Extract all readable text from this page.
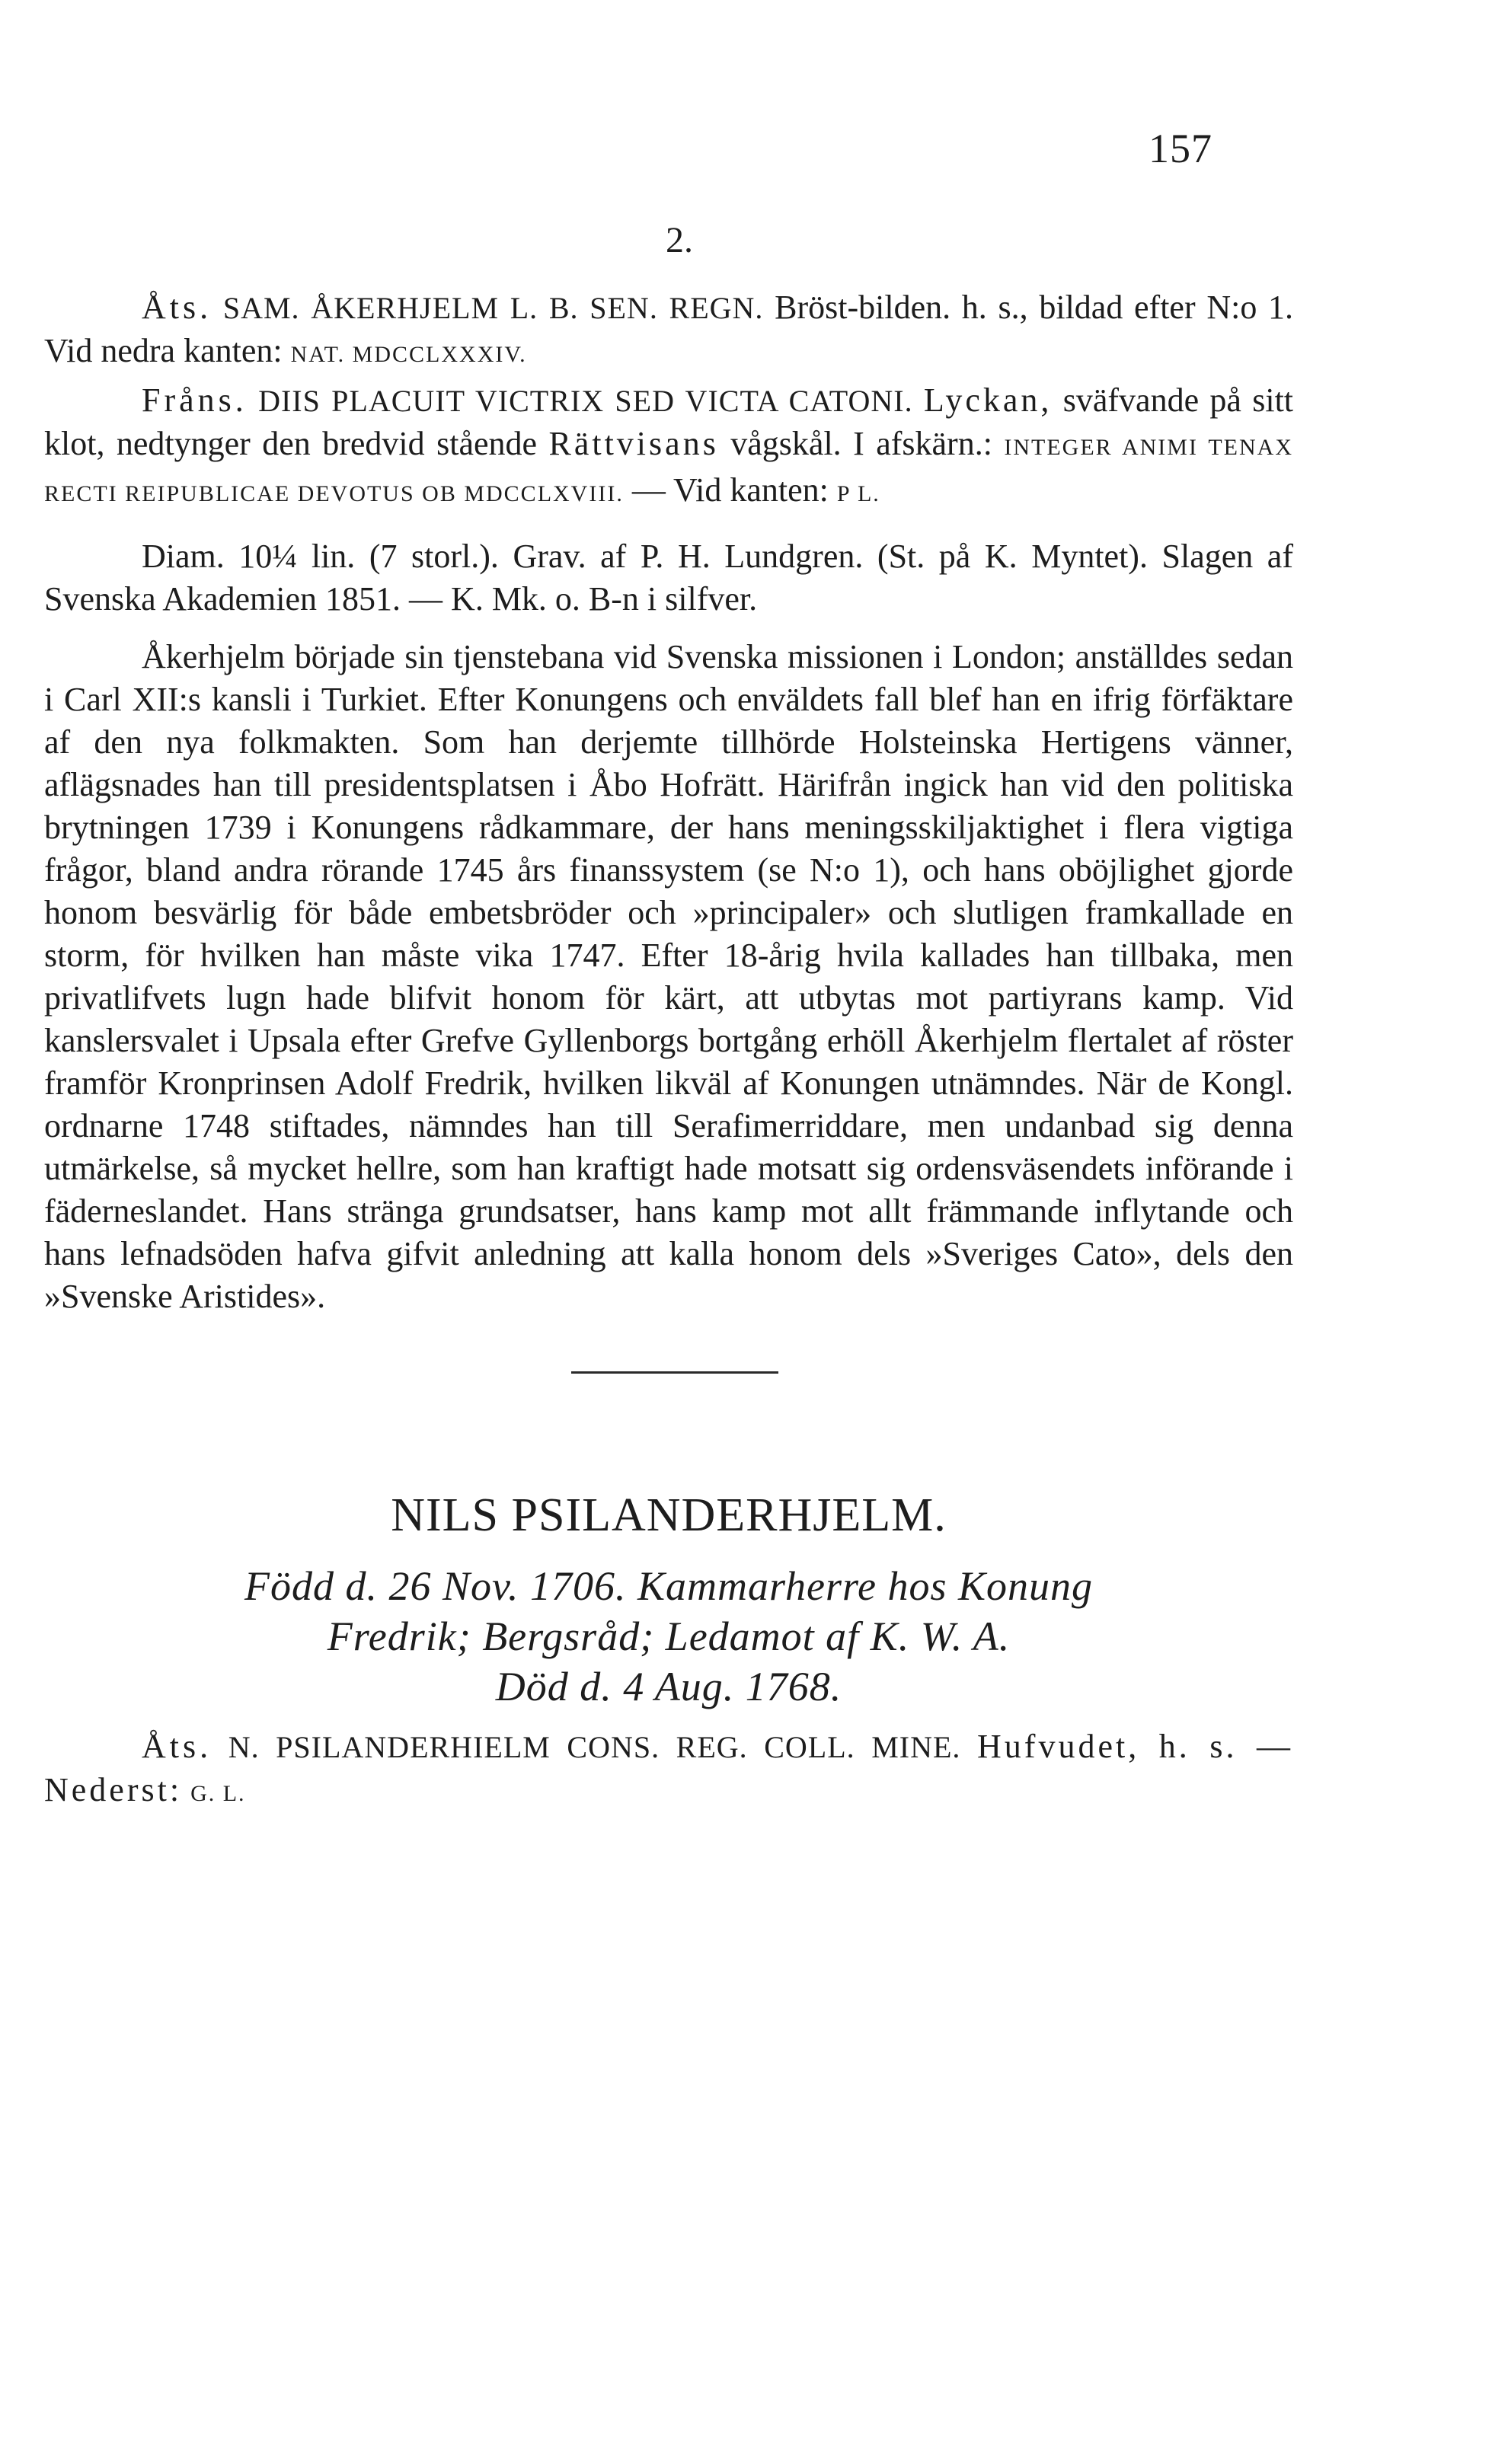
157
2.

Åts. SAM. ÅKERHJELM L. B. SEN. REGN. Bröst-bilden. h. s., bildad efter N:o 1. Vid nedra kanten: NAT. MDCCLXXXIV.

Fråns. DIIS PLACUIT VICTRIX SED VICTA CATONI. Lyckan, sväfvande på sitt klot, nedtynger den bredvid stående Rättvisans vågskål. I afskärn.: INTEGER ANIMI TENAX RECTI REIPUBLICAE DEVOTUS OB MDCCLXVIII. — Vid kanten: P L.

Diam. 10¼ lin. (7 storl.). Grav. af P. H. Lundgren. (St. på K. Myntet). Slagen af Svenska Akademien 1851. — K. Mk. o. B-n i silfver.

Åkerhjelm började sin tjenstebana vid Svenska missionen i London; anställdes sedan i Carl XII:s kansli i Turkiet. Efter Konungens och enväldets fall blef han en ifrig förfäktare af den nya folkmakten. Som han derjemte tillhörde Holsteinska Hertigens vänner, aflägsnades han till presidentsplatsen i Åbo Hofrätt. Härifrån ingick han vid den politiska brytningen 1739 i Konungens rådkammare, der hans meningsskiljaktighet i flera vigtiga frågor, bland andra rörande 1745 års finanssystem (se N:o 1), och hans oböjlighet gjorde honom besvärlig för både embetsbröder och »principaler» och slutligen framkallade en storm, för hvilken han måste vika 1747. Efter 18-årig hvila kallades han tillbaka, men privatlifvets lugn hade blifvit honom för kärt, att utbytas mot partiyrans kamp. Vid kanslersvalet i Upsala efter Grefve Gyllenborgs bortgång erhöll Åkerhjelm flertalet af röster framför Kronprinsen Adolf Fredrik, hvilken likväl af Konungen utnämndes. När de Kongl. ordnarne 1748 stiftades, nämndes han till Serafimerriddare, men undanbad sig denna utmärkelse, så mycket hellre, som han kraftigt hade motsatt sig ordensväsendets införande i fäderneslandet. Hans stränga grundsatser, hans kamp mot allt främmande inflytande och hans lefnadsöden hafva gifvit anledning att kalla honom dels »Sveriges Cato», dels den »Svenske Aristides».

NILS PSILANDERHJELM.
Född d. 26 Nov. 1706. Kammarherre hos Konung
Fredrik; Bergsråd; Ledamot af K. W. A.
Död d. 4 Aug. 1768.

Åts. N. PSILANDERHIELM CONS. REG. COLL. MINE. Hufvudet, h. s. — Nederst: G. L.
